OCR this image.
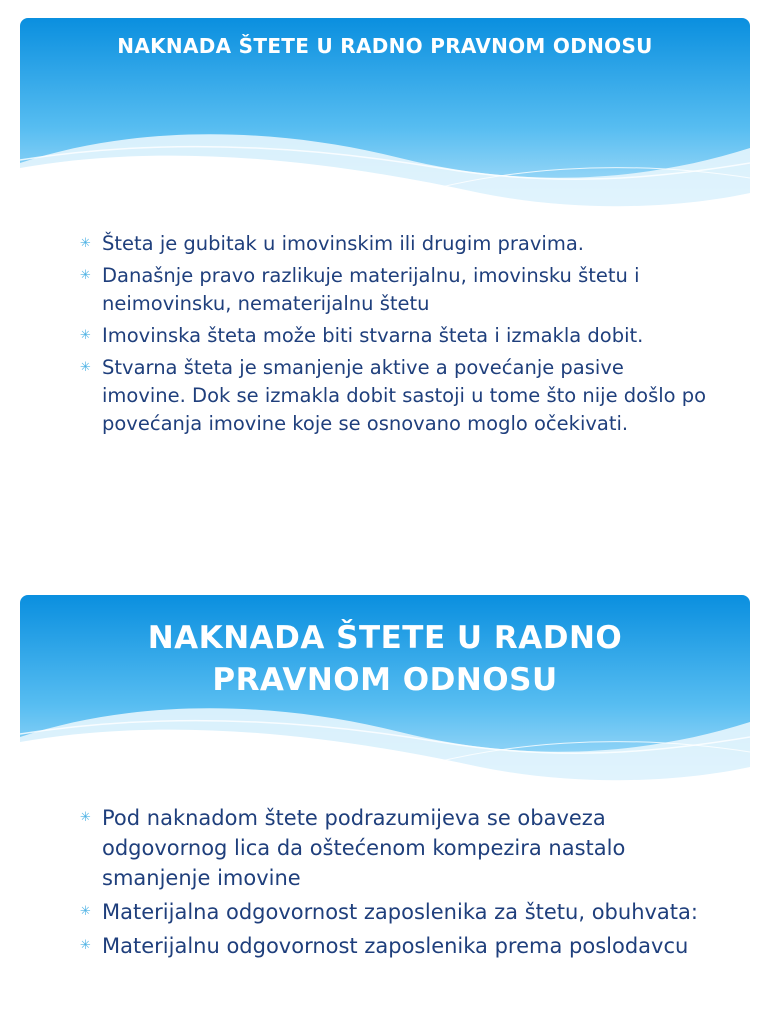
NAKNADA ŠTETE U RADNO PRAVNOM ODNOSU
✳ Šteta je gubitak u imovinskim ili drugim pravima.
✳ Današnje pravo razlikuje materijalnu, imovinsku štetu i neimovinsku, nematerijalnu štetu
✳ Imovinska šteta može biti stvarna šteta i izmakla dobit.
✳ Stvarna šteta je smanjenje aktive a povećanje pasive imovine. Dok se izmakla dobit sastoji u tome što nije došlo po povećanja imovine koje se osnovano moglo očekivati.
NAKNADA ŠTETE U RADNO PRAVNOM ODNOSU
✳ Pod naknadom štete podrazumijeva se obaveza odgovornog lica da oštećenom kompezira nastalo smanjenje imovine
✳ Materijalna odgovornost zaposlenika za štetu, obuhvata:
✳ Materijalnu odgovornost zaposlenika prema poslodavcu
